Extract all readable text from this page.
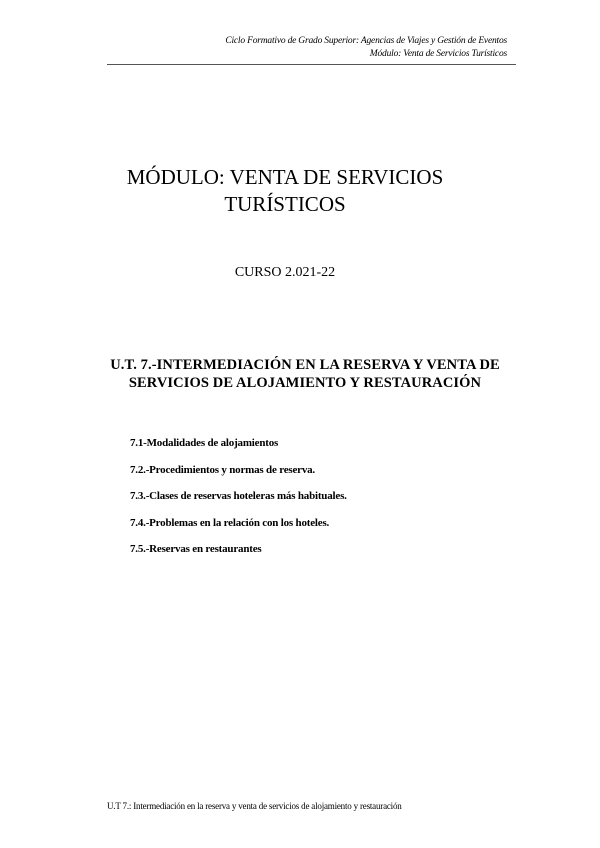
Ciclo Formativo de Grado Superior: Agencias de Viajes y Gestión de Eventos
Módulo: Venta de Servicios Turísticos
MÓDULO: VENTA DE SERVICIOS
TURÍSTICOS

CURSO 2.021-22

U.T. 7.-INTERMEDIACIÓN EN LA RESERVA Y VENTA DE
SERVICIOS DE ALOJAMIENTO Y RESTAURACIÓN
7.1-Modalidades de alojamientos
7.2.-Procedimientos y normas de reserva.
7.3.-Clases de reservas hoteleras más habituales.
7.4.-Problemas en la relación con los hoteles.
7.5.-Reservas en restaurantes
U.T 7.: Intermediación en la reserva y venta de servicios de alojamiento y restauración
